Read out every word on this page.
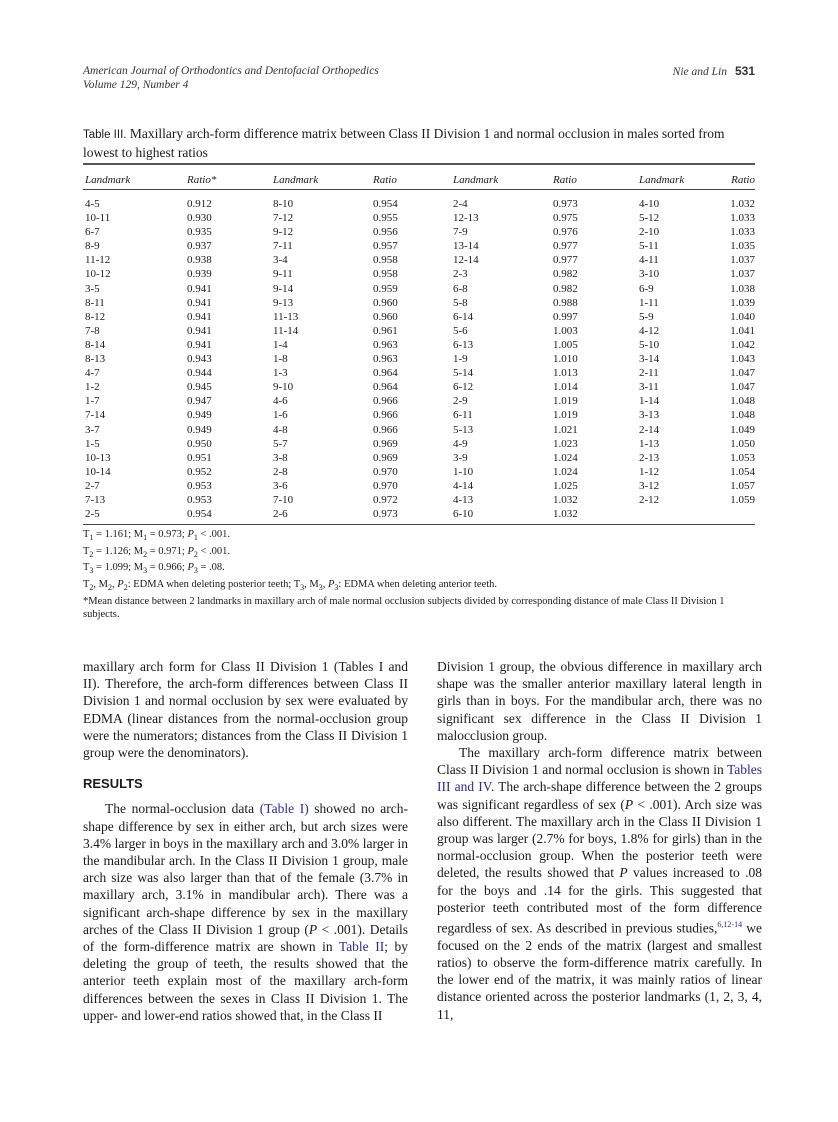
American Journal of Orthodontics and Dentofacial Orthopedics
Volume 129, Number 4
Nie and Lin 531
Table III. Maxillary arch-form difference matrix between Class II Division 1 and normal occlusion in males sorted from lowest to highest ratios
Landmark	Ratio*	Landmark	Ratio	Landmark	Ratio	Landmark	Ratio

4-5	0.912	8-10	0.954	2-4	0.973	4-10	1.032
10-11	0.930	7-12	0.955	12-13	0.975	5-12	1.033
6-7	0.935	9-12	0.956	7-9	0.976	2-10	1.033
8-9	0.937	7-11	0.957	13-14	0.977	5-11	1.035
11-12	0.938	3-4	0.958	12-14	0.977	4-11	1.037
10-12	0.939	9-11	0.958	2-3	0.982	3-10	1.037
3-5	0.941	9-14	0.959	6-8	0.982	6-9	1.038
8-11	0.941	9-13	0.960	5-8	0.988	1-11	1.039
8-12	0.941	11-13	0.960	6-14	0.997	5-9	1.040
7-8	0.941	11-14	0.961	5-6	1.003	4-12	1.041
8-14	0.941	1-4	0.963	6-13	1.005	5-10	1.042
8-13	0.943	1-8	0.963	1-9	1.010	3-14	1.043
4-7	0.944	1-3	0.964	5-14	1.013	2-11	1.047
1-2	0.945	9-10	0.964	6-12	1.014	3-11	1.047
1-7	0.947	4-6	0.966	2-9	1.019	1-14	1.048
7-14	0.949	1-6	0.966	6-11	1.019	3-13	1.048
3-7	0.949	4-8	0.966	5-13	1.021	2-14	1.049
1-5	0.950	5-7	0.969	4-9	1.023	1-13	1.050
10-13	0.951	3-8	0.969	3-9	1.024	2-13	1.053
10-14	0.952	2-8	0.970	1-10	1.024	1-12	1.054
2-7	0.953	3-6	0.970	4-14	1.025	3-12	1.057
7-13	0.953	7-10	0.972	4-13	1.032	2-12	1.059
2-5	0.954	2-6	0.973	6-10	1.032		

$T_1 = 1.161$; $M_1 = 0.973$; $P_1 < .001$.

$T_2 = 1.126$; $M_2 = 0.971$; $P_2 < .001$.

$T_3 = 1.099$; $M_3 = 0.966$; $P_3 = .08$.

$T_2$, $M_2$, $P_2$: EDMA when deleting posterior teeth; $T_3$, $M_3$, $P_3$: EDMA when deleting anterior teeth.

*Mean distance between 2 landmarks in maxillary arch of male normal occlusion subjects divided by corresponding distance of male Class II Division 1 subjects.

maxillary arch form for Class II Division 1 (Tables I and II). Therefore, the arch-form differences between Class II Division 1 and normal occlusion by sex were evaluated by EDMA (linear distances from the normal-occlusion group were the numerators; distances from the Class II Division 1 group were the denominators).

RESULTS

The normal-occlusion data (Table I) showed no arch-shape difference by sex in either arch, but arch sizes were 3.4% larger in boys in the maxillary arch and 3.0% larger in the mandibular arch. In the Class II Division 1 group, male arch size was also larger than that of the female (3.7% in maxillary arch, 3.1% in mandibular arch). There was a significant arch-shape difference by sex in the maxillary arches of the Class II Division 1 group (P < .001). Details of the form-difference matrix are shown in Table II; by deleting the group of teeth, the results showed that the anterior teeth explain most of the maxillary arch-form differences between the sexes in Class II Division 1. The upper- and lower-end ratios showed that, in the Class II

Division 1 group, the obvious difference in maxillary arch shape was the smaller anterior maxillary lateral length in girls than in boys. For the mandibular arch, there was no significant sex difference in the Class II Division 1 malocclusion group.

The maxillary arch-form difference matrix between Class II Division 1 and normal occlusion is shown in Tables III and IV. The arch-shape difference between the 2 groups was significant regardless of sex (P < .001). Arch size was also different. The maxillary arch in the Class II Division 1 group was larger (2.7% for boys, 1.8% for girls) than in the normal-occlusion group. When the posterior teeth were deleted, the results showed that P values increased to .08 for the boys and .14 for the girls. This suggested that posterior teeth contributed most of the form difference regardless of sex. As described in previous studies,$^{6,12-14}$ we focused on the 2 ends of the matrix (largest and smallest ratios) to observe the form-difference matrix carefully. In the lower end of the matrix, it was mainly ratios of linear distance oriented across the posterior landmarks (1, 2, 3, 4, 11,
